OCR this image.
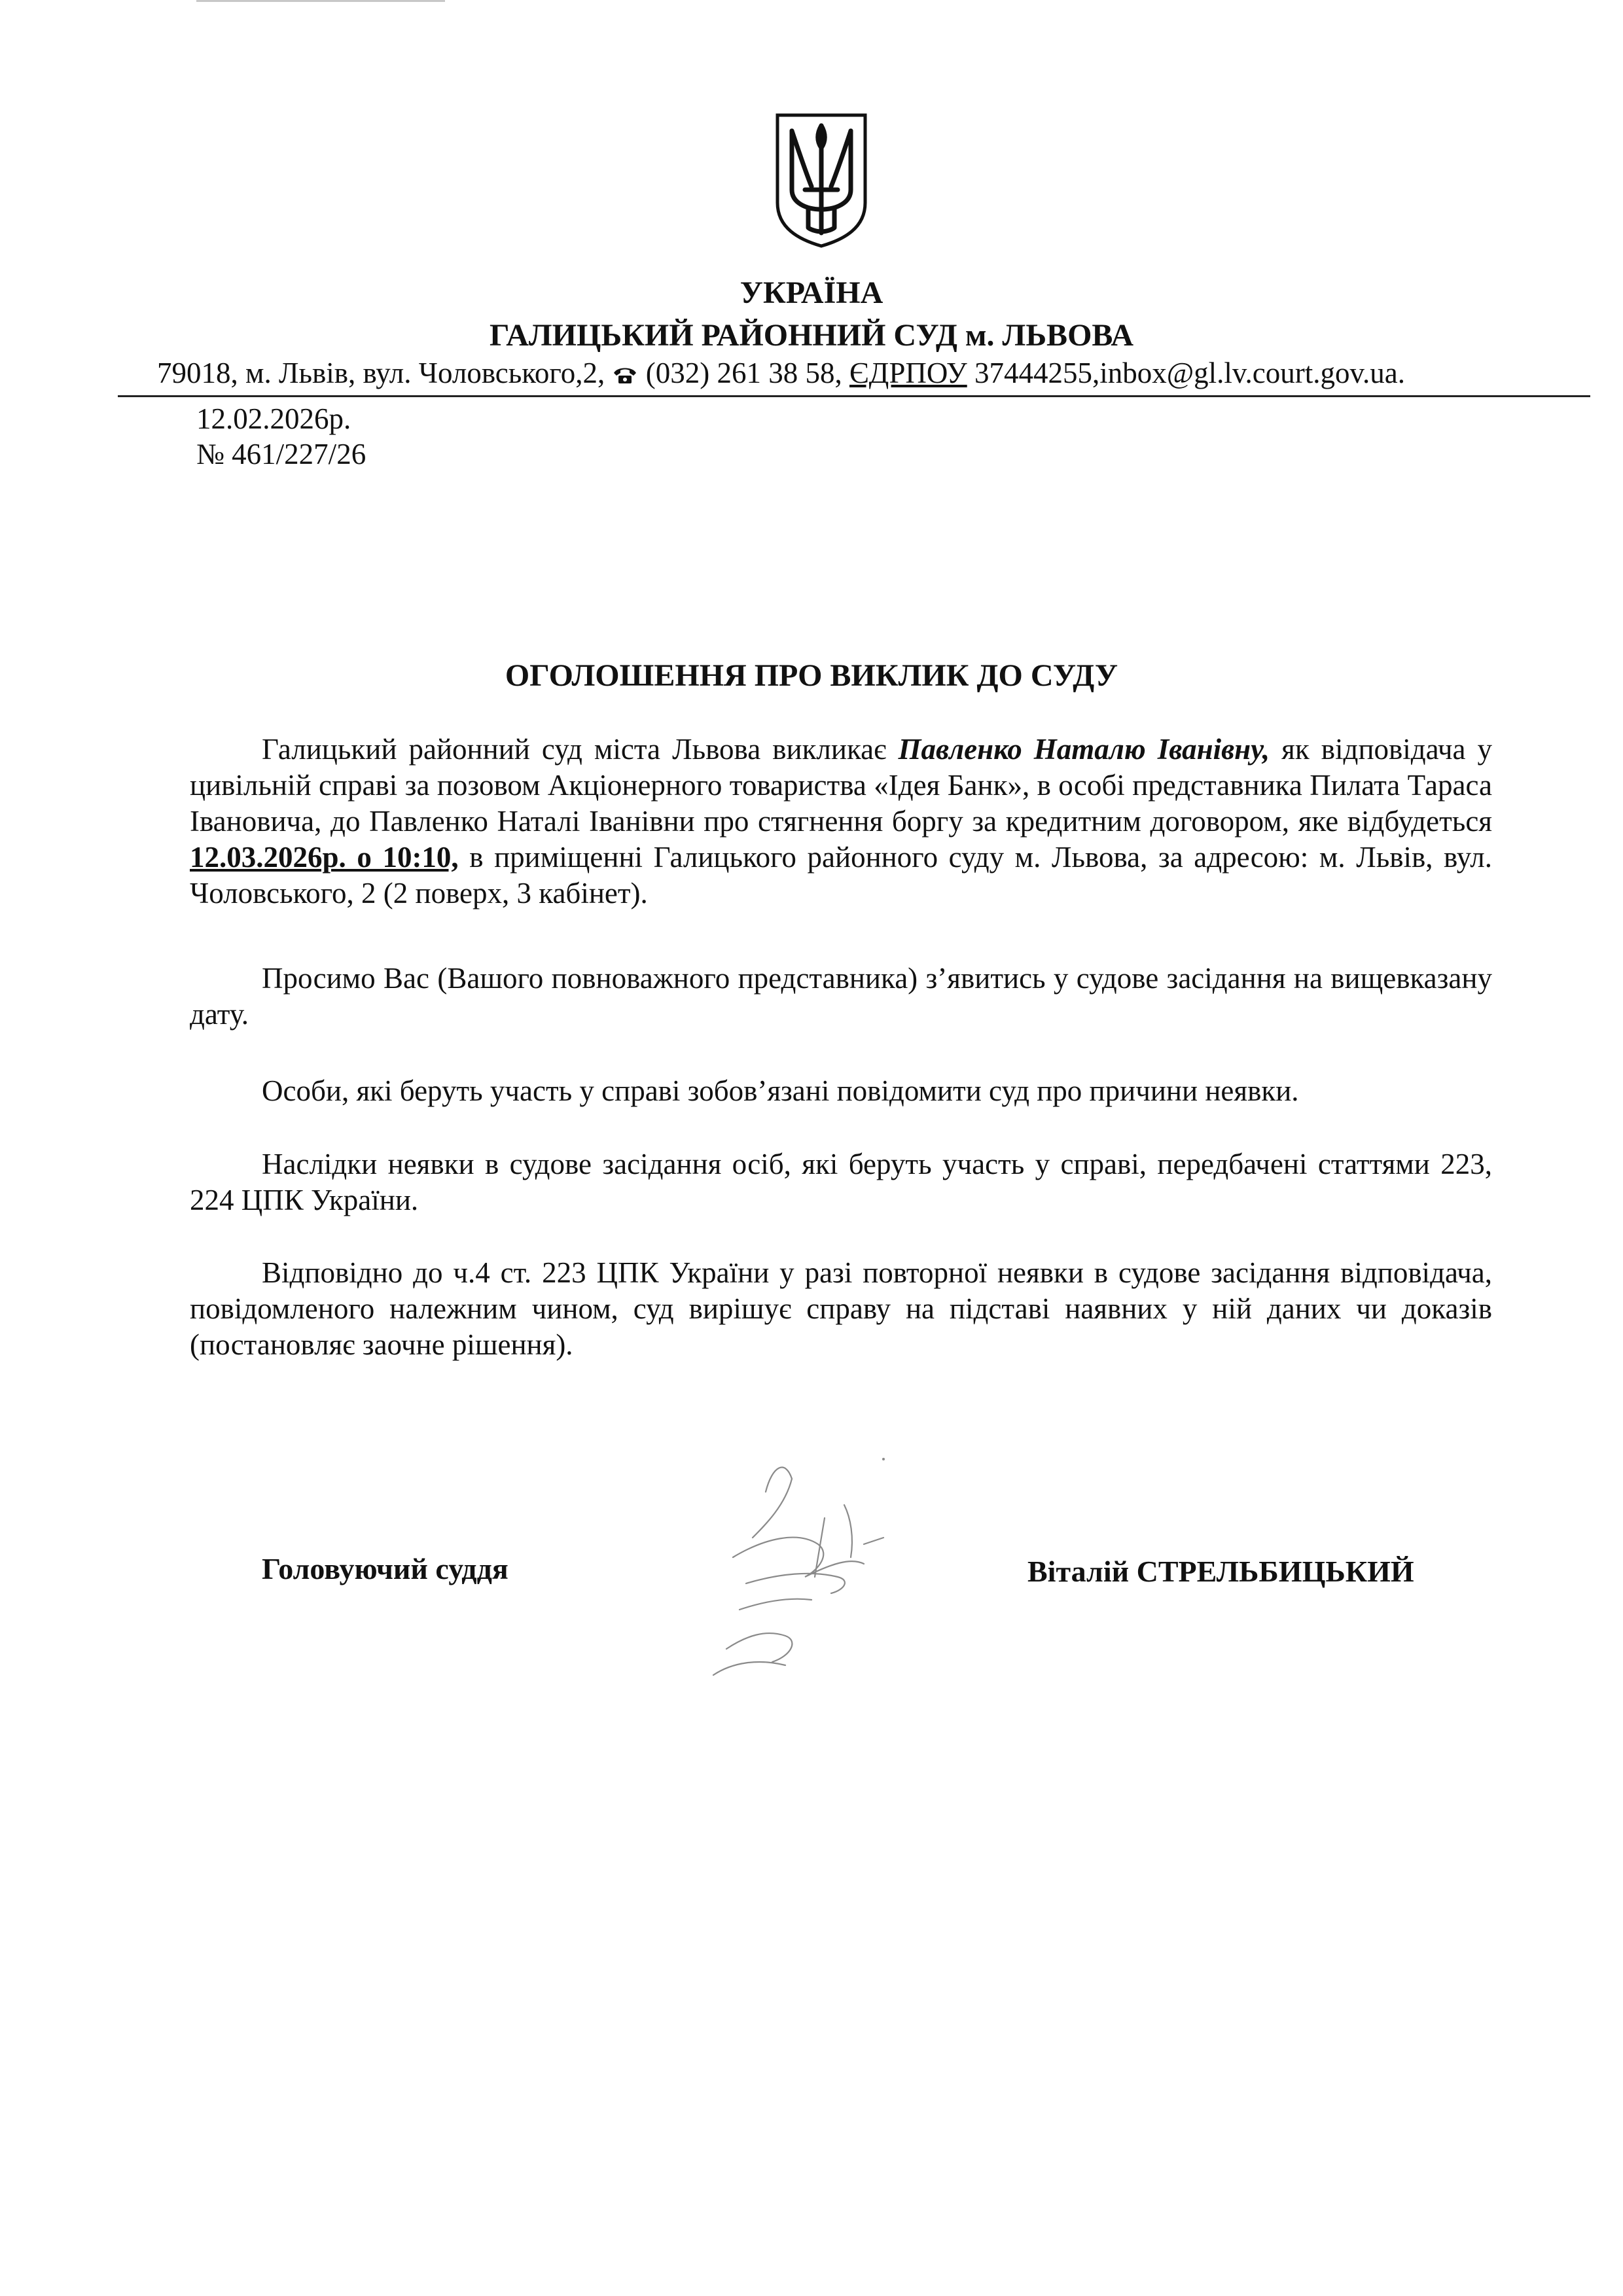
УКРАЇНА
ГАЛИЦЬКИЙ РАЙОННИЙ СУД м. ЛЬВОВА
79018, м. Львів, вул. Чоловського,2, (032) 261 38 58, ЄДРПОУ 37444255,inbox@gl.lv.court.gov.ua.
12.02.2026р.
№ 461/227/26
ОГОЛОШЕННЯ ПРО ВИКЛИК ДО СУДУ
Галицький районний суд міста Львова викликає Павленко Наталю Іванівну, як відповідача у цивільній справі за позовом Акціонерного товариства «Ідея Банк», в особі представника Пилата Тараса Івановича, до Павленко Наталі Іванівни про стягнення боргу за кредитним договором, яке відбудеться 12.03.2026р. о 10:10, в приміщенні Галицького районного суду м. Львова, за адресою: м. Львів, вул. Чоловського, 2 (2 поверх, 3 кабінет).
Просимо Вас (Вашого повноважного представника) з’явитись у судове засідання на вищевказану дату.
Особи, які беруть участь у справі зобов’язані повідомити суд про причини неявки.
Наслідки неявки в судове засідання осіб, які беруть участь у справі, передбачені статтями 223, 224 ЦПК України.
Відповідно до ч.4 ст. 223 ЦПК України у разі повторної неявки в судове засідання відповідача, повідомленого належним чином, суд вирішує справу на підставі наявних у ній даних чи доказів (постановляє заочне рішення).
Головуючий суддя	Віталій СТРЕЛЬБИЦЬКИЙ
